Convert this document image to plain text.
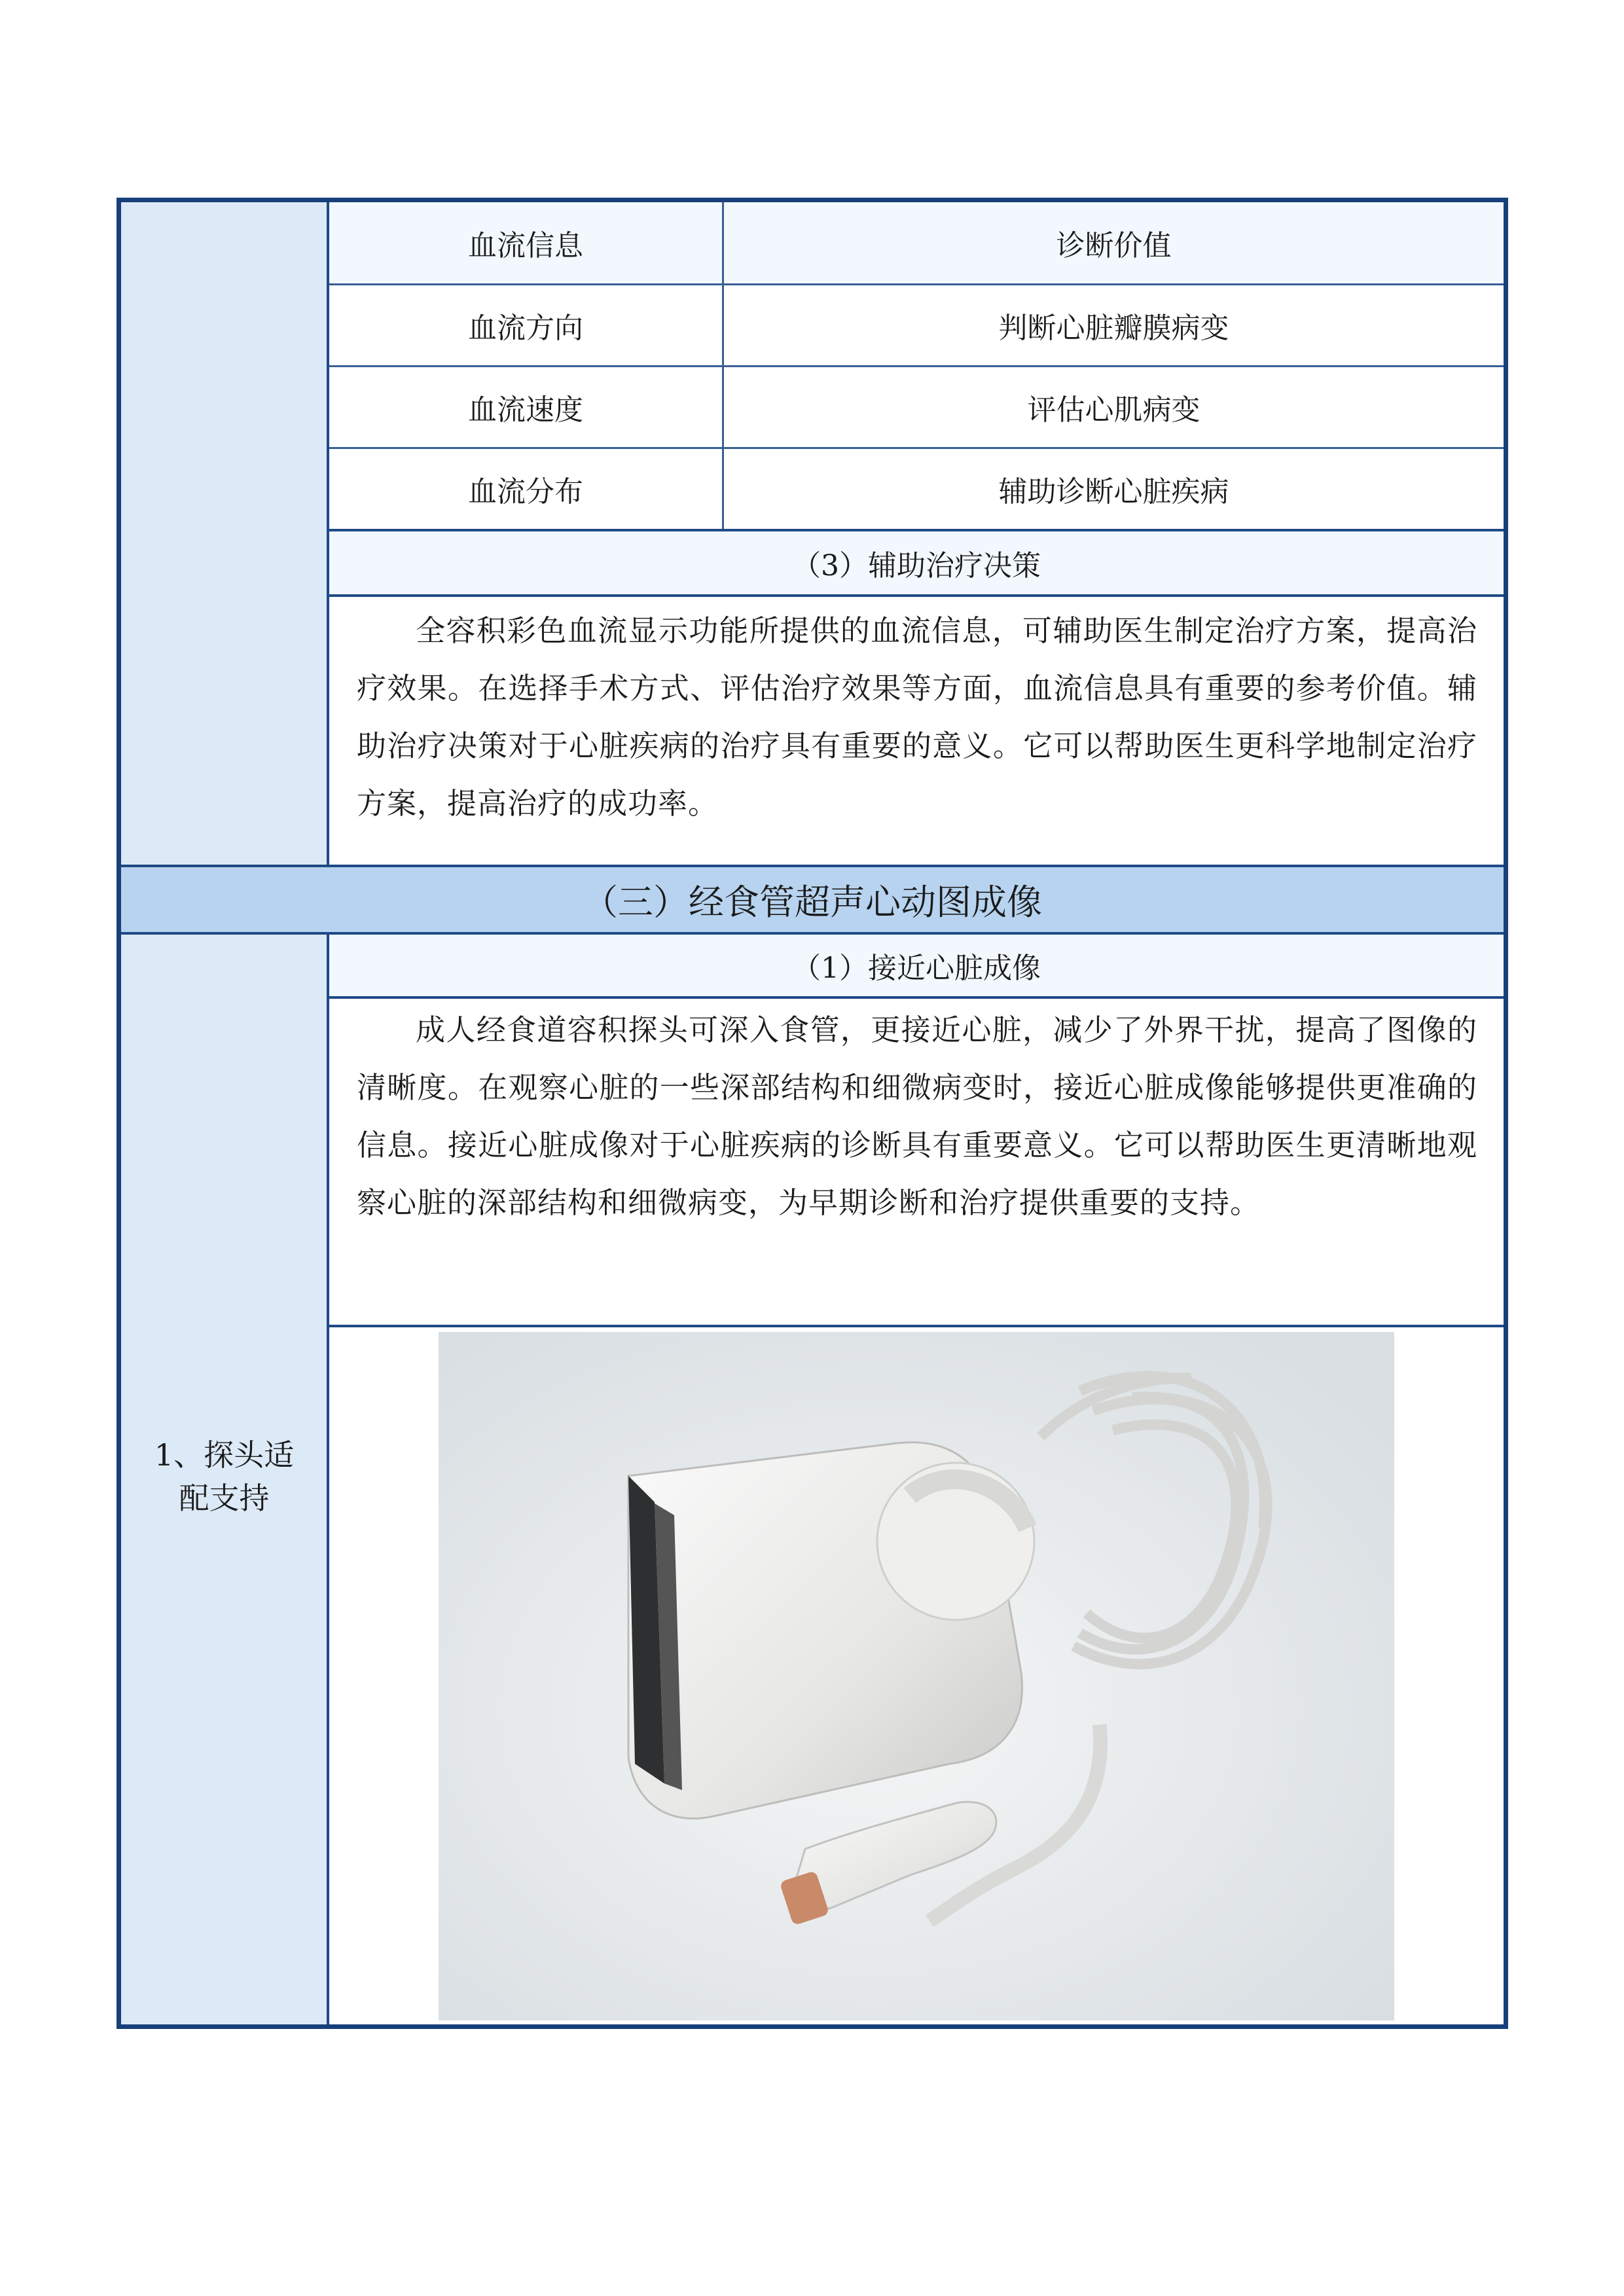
血流信息	诊断价值
血流方向	判断心脏瓣膜病变
血流速度	评估心肌病变
血流分布	辅助诊断心脏疾病
（3）辅助治疗决策
全容积彩色血流显示功能所提供的血流信息，可辅助医生制定治疗方案，提高治疗效果。在选择手术方式、评估治疗效果等方面，血流信息具有重要的参考价值。辅助治疗决策对于心脏疾病的治疗具有重要的意义。它可以帮助医生更科学地制定治疗方案，提高治疗的成功率。
（三）经食管超声心动图成像
1、探头适
配支持
（1）接近心脏成像
成人经食道容积探头可深入食管，更接近心脏，减少了外界干扰，提高了图像的清晰度。在观察心脏的一些深部结构和细微病变时，接近心脏成像能够提供更准确的信息。接近心脏成像对于心脏疾病的诊断具有重要意义。它可以帮助医生更清晰地观察心脏的深部结构和细微病变，为早期诊断和治疗提供重要的支持。
